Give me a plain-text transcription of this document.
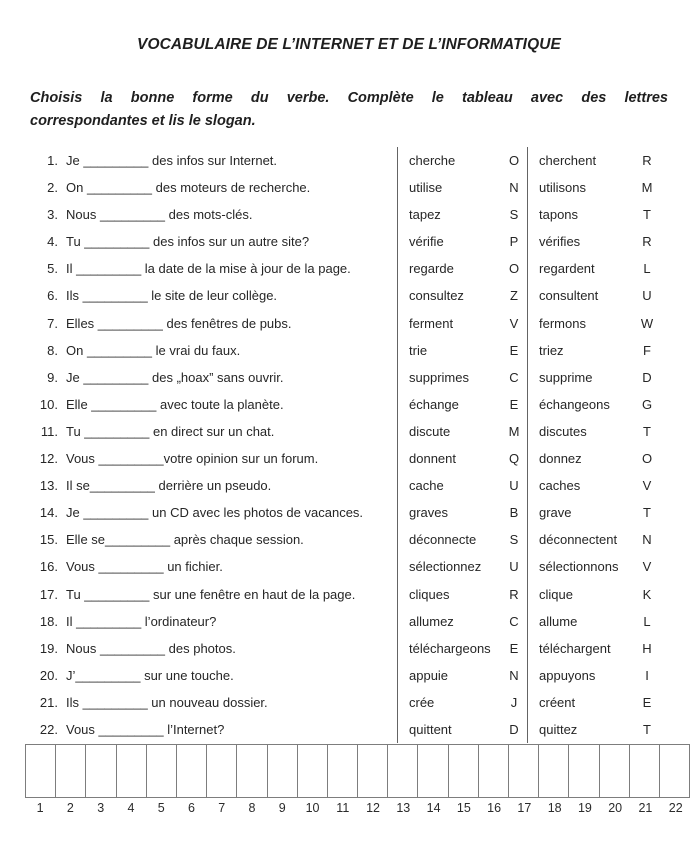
VOCABULAIRE DE L’INTERNET ET DE L’INFORMATIQUE
Choisis la bonne forme du verbe. Complète le tableau avec des lettres
correspondantes et lis le slogan.
1. Je _________ des infos sur Internet.	cherche	O	cherchent	R
2. On _________ des moteurs de recherche.	utilise	N	utilisons	M
3. Nous _________ des mots-clés.	tapez	S	tapons	T
4. Tu _________ des infos sur un autre site?	vérifie	P	vérifies	R
5. Il _________ la date de la mise à jour de la page.	regarde	O	regardent	L
6. Ils _________ le site de leur collège.	consultez	Z	consultent	U
7. Elles _________ des fenêtres de pubs.	ferment	V	fermons	W
8. On _________ le vrai du faux.	trie	E	triez	F
9. Je _________ des „hoax” sans ouvrir.	supprimes	C	supprime	D
10. Elle _________ avec toute la planète.	échange	E	échangeons	G
11. Tu _________ en direct sur un chat.	discute	M	discutes	T
12. Vous _________votre opinion sur un forum.	donnent	Q	donnez	O
13. Il se_________ derrière un pseudo.	cache	U	caches	V
14. Je _________ un CD avec les photos de vacances.	graves	B	grave	T
15. Elle se_________ après chaque session.	déconnecte	S	déconnectent	N
16. Vous _________ un fichier.	sélectionnez	U	sélectionnons	V
17. Tu _________ sur une fenêtre en haut de la page.	cliques	R	clique	K
18. Il _________ l’ordinateur?	allumez	C	allume	L
19. Nous _________ des photos.	téléchargeons	E	téléchargent	H
20. J’_________ sur une touche.	appuie	N	appuyons	I
21. Ils _________ un nouveau dossier.	crée	J	créent	E
22. Vous _________ l’Internet?	quittent	D	quittez	T
1	2	3	4	5	6	7	8	9	10	11	12	13	14	15	16	17	18	19	20	21	22
